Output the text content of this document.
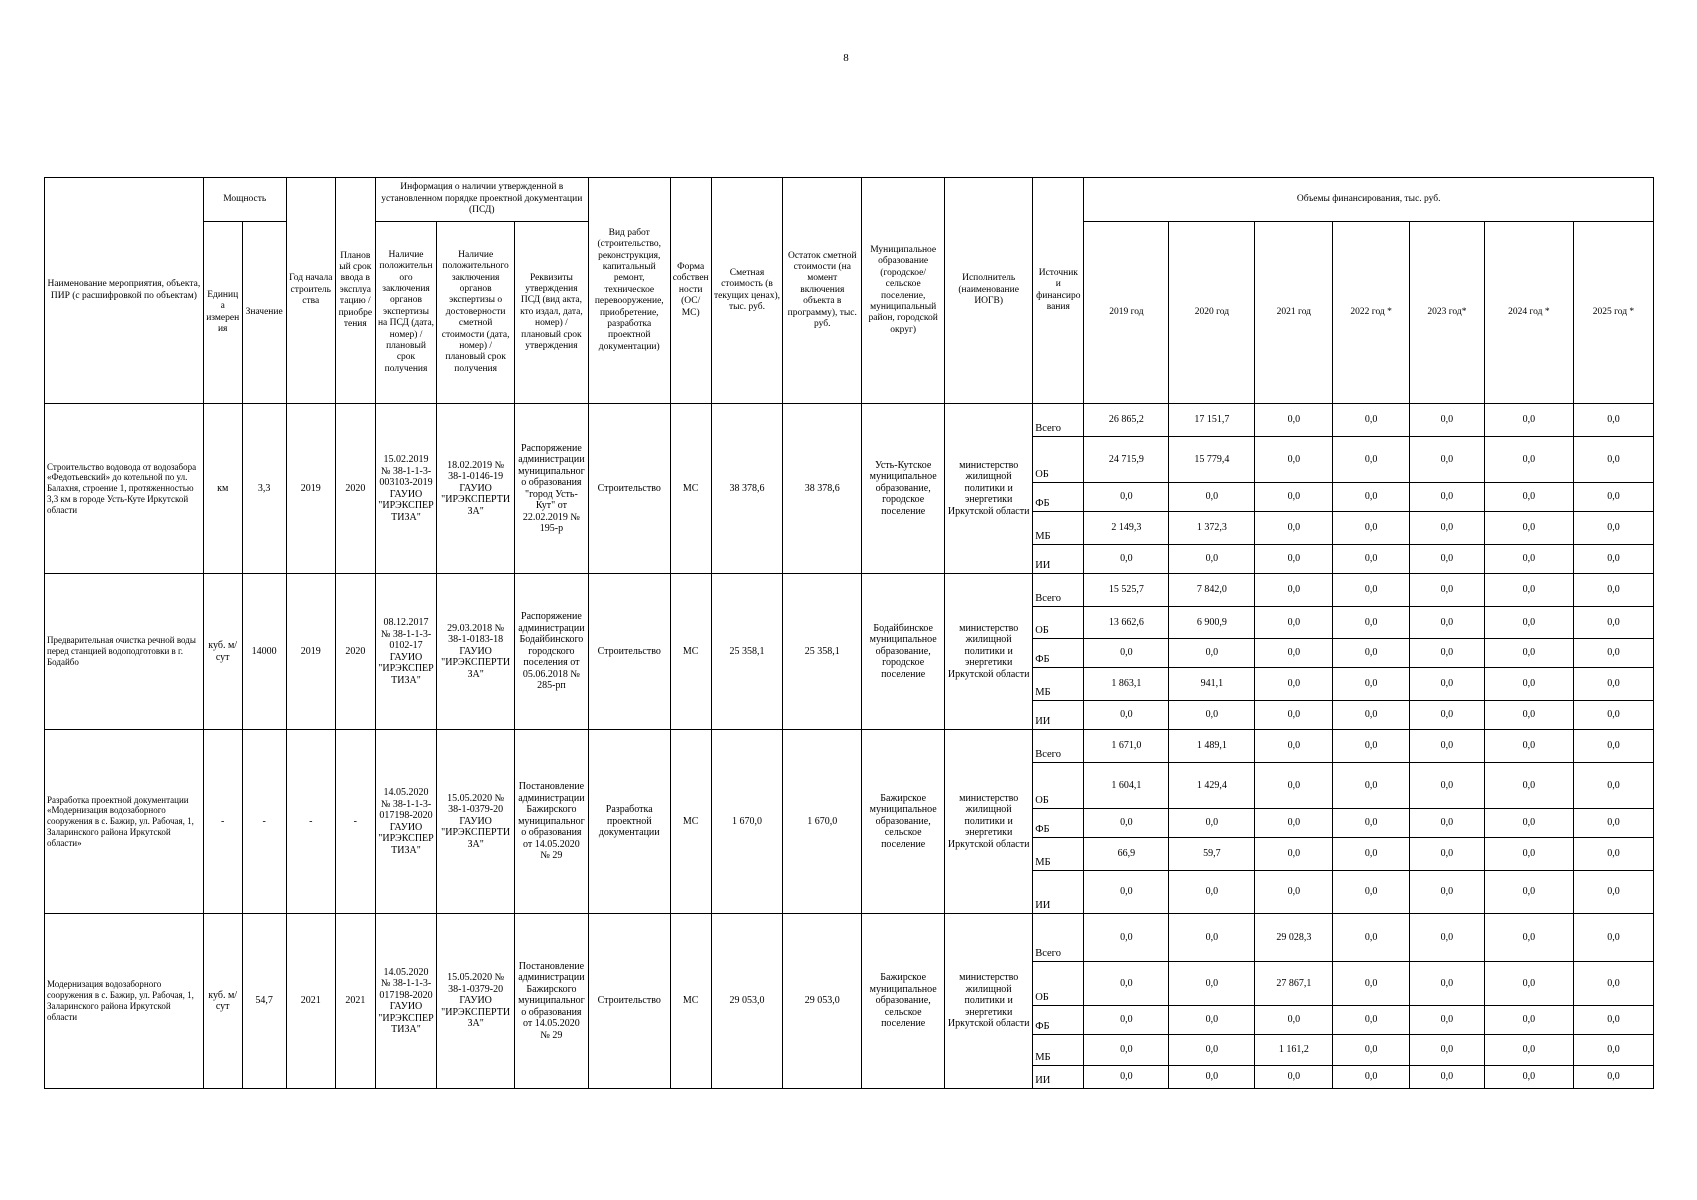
8
Наименование мероприятия, объекта, ПИР (с расшифровкой по объектам)	Мощность		Год начала строительства	Плановый срок ввода в эксплуатацию / приобретения	Информация о наличии утвержденной в установленном порядке проектной документации (ПСД)			Вид работ (строительство, реконструкция, капитальный ремонт, техническое перевооружение, приобретение, разработка проектной документации)	Форма собственности (ОС/МС)	Сметная стоимость (в текущих ценах), тыс. руб.	Остаток сметной стоимости (на момент включения объекта в программу), тыс. руб.	Муниципальное образование (городское/сельское поселение, муниципальный район, городской округ)	Исполнитель (наименование ИОГВ)	Источник и финансирования	Объемы финансирования, тыс. руб.						
	Единица измерения	Значение			Наличие положительного заключения органов экспертизы на ПСД (дата, номер) / плановый срок получения	Наличие положительного заключения органов экспертизы о достоверности сметной стоимости (дата, номер) / плановый срок получения	Реквизиты утверждения ПСД (вид акта, кто издал, дата, номер) / плановый срок утверждения								2019 год	2020 год	2021 год	2022 год *	2023 год*	2024 год *	2025 год *
Строительство водовода от водозабора «Федотьевский» до котельной по ул. Балахня, строение 1, протяженностью 3,3 км в городе Усть-Куте Иркутской области	км	3,3	2019	2020	15.02.2019 № 38-1-1-3-003103-2019 ГАУИО "ИРЭКСПЕРТИЗА"	18.02.2019 № 38-1-0146-19 ГАУИО "ИРЭКСПЕРТИЗА"	Распоряжение администрации муниципального образования "город Усть-Кут" от 22.02.2019 № 195-р	Строительство	МС	38 378,6	38 378,6	Усть-Кутское муниципальное образование, городское поселение	министерство жилищной политики и энергетики Иркутской области	Всего	26 865,2	17 151,7	0,0	0,0	0,0	0,0	0,0
														ОБ	24 715,9	15 779,4	0,0	0,0	0,0	0,0	0,0
														ФБ	0,0	0,0	0,0	0,0	0,0	0,0	0,0
														МБ	2 149,3	1 372,3	0,0	0,0	0,0	0,0	0,0
														ИИ	0,0	0,0	0,0	0,0	0,0	0,0	0,0
Предварительная очистка речной воды перед станцией водоподготовки в г. Бодайбо	куб. м/сут	14000	2019	2020	08.12.2017 № 38-1-1-3-0102-17 ГАУИО "ИРЭКСПЕРТИЗА"	29.03.2018 № 38-1-0183-18 ГАУИО "ИРЭКСПЕРТИЗА"	Распоряжение администрации Бодайбинского городского поселения от 05.06.2018 № 285-рп	Строительство	МС	25 358,1	25 358,1	Бодайбинское муниципальное образование, городское поселение	министерство жилищной политики и энергетики Иркутской области	Всего	15 525,7	7 842,0	0,0	0,0	0,0	0,0	0,0
														ОБ	13 662,6	6 900,9	0,0	0,0	0,0	0,0	0,0
														ФБ	0,0	0,0	0,0	0,0	0,0	0,0	0,0
														МБ	1 863,1	941,1	0,0	0,0	0,0	0,0	0,0
														ИИ	0,0	0,0	0,0	0,0	0,0	0,0	0,0
Разработка проектной документации «Модернизация водозаборного сооружения в с. Бажир, ул. Рабочая, 1, Заларинского района Иркутской области»	-	-	-	-	14.05.2020 № 38-1-1-3-017198-2020 ГАУИО "ИРЭКСПЕРТИЗА"	15.05.2020 № 38-1-0379-20 ГАУИО "ИРЭКСПЕРТИЗА"	Постановление администрации Бажирского муниципального образования от 14.05.2020 № 29	Разработка проектной документации	МС	1 670,0	1 670,0	Бажирское муниципальное образование, сельское поселение	министерство жилищной политики и энергетики Иркутской области	Всего	1 671,0	1 489,1	0,0	0,0	0,0	0,0	0,0
														ОБ	1 604,1	1 429,4	0,0	0,0	0,0	0,0	0,0
														ФБ	0,0	0,0	0,0	0,0	0,0	0,0	0,0
														МБ	66,9	59,7	0,0	0,0	0,0	0,0	0,0
														ИИ	0,0	0,0	0,0	0,0	0,0	0,0	0,0
Модернизация водозаборного сооружения в с. Бажир, ул. Рабочая, 1, Заларинского района Иркутской области	куб. м/сут	54,7	2021	2021	14.05.2020 № 38-1-1-3-017198-2020 ГАУИО "ИРЭКСПЕРТИЗА"	15.05.2020 № 38-1-0379-20 ГАУИО "ИРЭКСПЕРТИЗА"	Постановление администрации Бажирского муниципального образования от 14.05.2020 № 29	Строительство	МС	29 053,0	29 053,0	Бажирское муниципальное образование, сельское поселение	министерство жилищной политики и энергетики Иркутской области	Всего	0,0	0,0	29 028,3	0,0	0,0	0,0	0,0
														ОБ	0,0	0,0	27 867,1	0,0	0,0	0,0	0,0
														ФБ	0,0	0,0	0,0	0,0	0,0	0,0	0,0
														МБ	0,0	0,0	1 161,2	0,0	0,0	0,0	0,0
														ИИ	0,0	0,0	0,0	0,0	0,0	0,0	0,0
